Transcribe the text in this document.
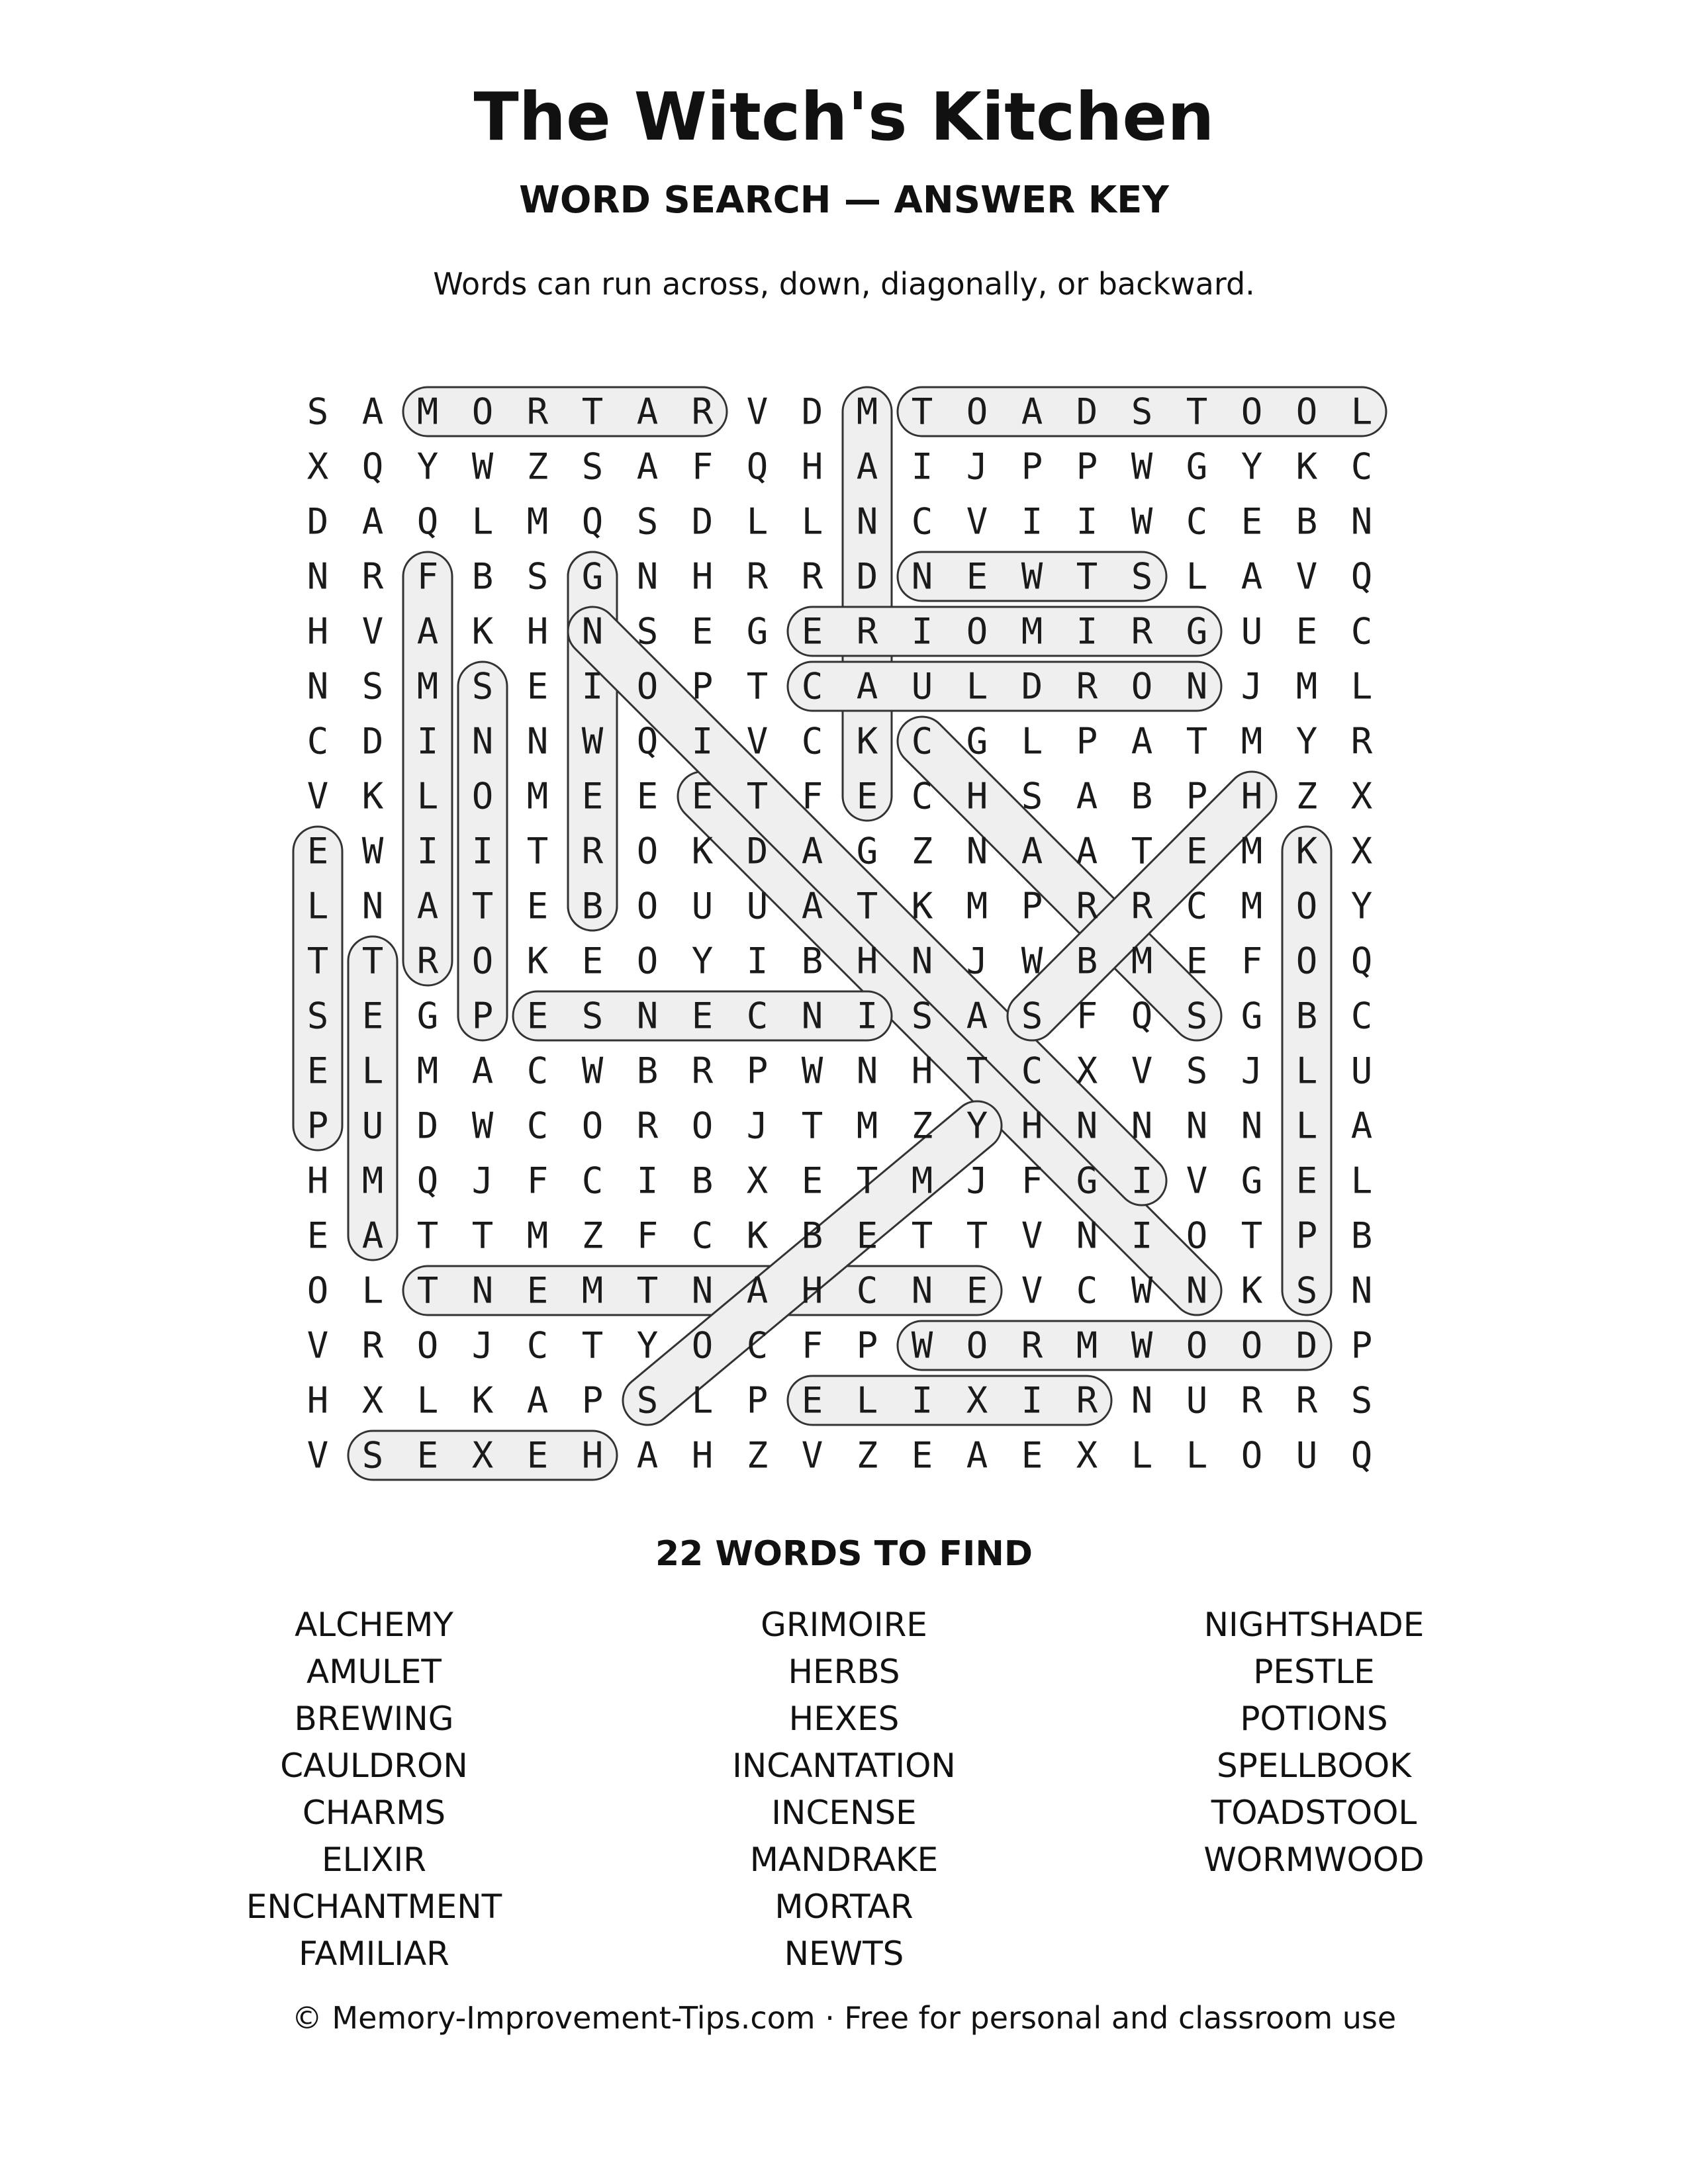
The Witch's Kitchen
WORD SEARCH — ANSWER KEY
Words can run across, down, diagonally, or backward.
S A M O R T A R V D M T O A D S T O O L
X Q Y W Z S A F Q H A I J P P W G Y K C
D A Q L M Q S D L L N C V I I W C E B N
N R F B S G N H R R D N E W T S L A V Q
H V A K H N S E G E R I O M I R G U E C
N S M S E I O P T C A U L D R O N J M L
C D I N N W Q I V C K C G L P A T M Y R
V K L O M E E E T F E C H S A B P H Z X
E W I I T R O K D A G Z N A A T E M K X
L N A T E B O U U A T K M P R R C M O Y
T T R O K E O Y I B H N J W B M E F O Q
S E G P E S N E C N I S A S F Q S G B C
E L M A C W B R P W N H T C X V S J L U
P U D W C O R O J T M Z Y H N N N N L A
H M Q J F C I B X E T M J F G I V G E L
E A T T M Z F C K B E T T V N I O T P B
O L T N E M T N A H C N E V C W N K S N
V R O J C T Y O C F P W O R M W O O D P
H X L K A P S L P E L I X I R N U R R S
V S E X E H A H Z V Z E A E X L L O U Q
22 WORDS TO FIND
ALCHEMY
AMULET
BREWING
CAULDRON
CHARMS
ELIXIR
ENCHANTMENT
FAMILIAR
GRIMOIRE
HERBS
HEXES
INCANTATION
INCENSE
MANDRAKE
MORTAR
NEWTS
NIGHTSHADE
PESTLE
POTIONS
SPELLBOOK
TOADSTOOL
WORMWOOD
© Memory-Improvement-Tips.com · Free for personal and classroom use
